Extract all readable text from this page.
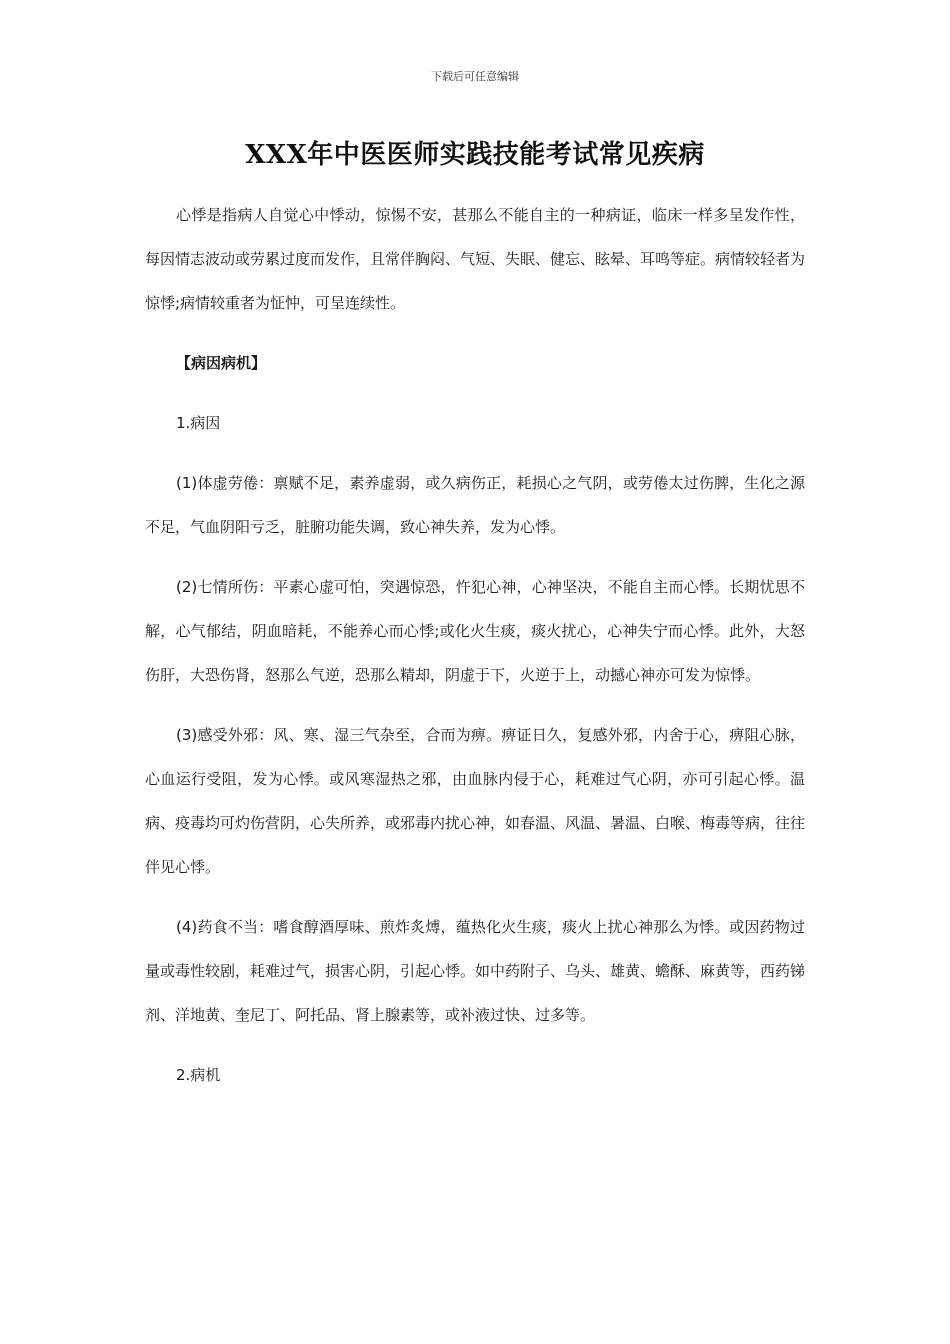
下载后可任意编辑
XXX年中医医师实践技能考试常见疾病

心悸是指病人自觉心中悸动，惊惕不安，甚那么不能自主的一种病证，临床一样多呈发作性，每因情志波动或劳累过度而发作，且常伴胸闷、气短、失眠、健忘、眩晕、耳鸣等症。病情较轻者为惊悸;病情较重者为怔忡，可呈连续性。

【病因病机】

1.病因

(1)体虚劳倦：禀赋不足，素养虚弱，或久病伤正，耗损心之气阴，或劳倦太过伤脾，生化之源不足，气血阴阳亏乏，脏腑功能失调，致心神失养，发为心悸。

(2)七情所伤：平素心虚可怕，突遇惊恐，忤犯心神，心神坚决，不能自主而心悸。长期忧思不解，心气郁结，阴血暗耗，不能养心而心悸;或化火生痰，痰火扰心，心神失宁而心悸。此外，大怒伤肝，大恐伤肾，怒那么气逆，恐那么精却，阴虚于下，火逆于上，动撼心神亦可发为惊悸。

(3)感受外邪：风、寒、湿三气杂至，合而为痹。痹证日久，复感外邪，内舍于心，痹阻心脉，心血运行受阻，发为心悸。或风寒湿热之邪，由血脉内侵于心，耗难过气心阴，亦可引起心悸。温病、疫毒均可灼伤营阴，心失所养，或邪毒内扰心神，如春温、风温、暑温、白喉、梅毒等病，往往伴见心悸。

(4)药食不当：嗜食醇酒厚味、煎炸炙煿，蕴热化火生痰，痰火上扰心神那么为悸。或因药物过量或毒性较剧，耗难过气，损害心阴，引起心悸。如中药附子、乌头、雄黄、蟾酥、麻黄等，西药锑剂、洋地黄、奎尼丁、阿托品、肾上腺素等，或补液过快、过多等。

2.病机
